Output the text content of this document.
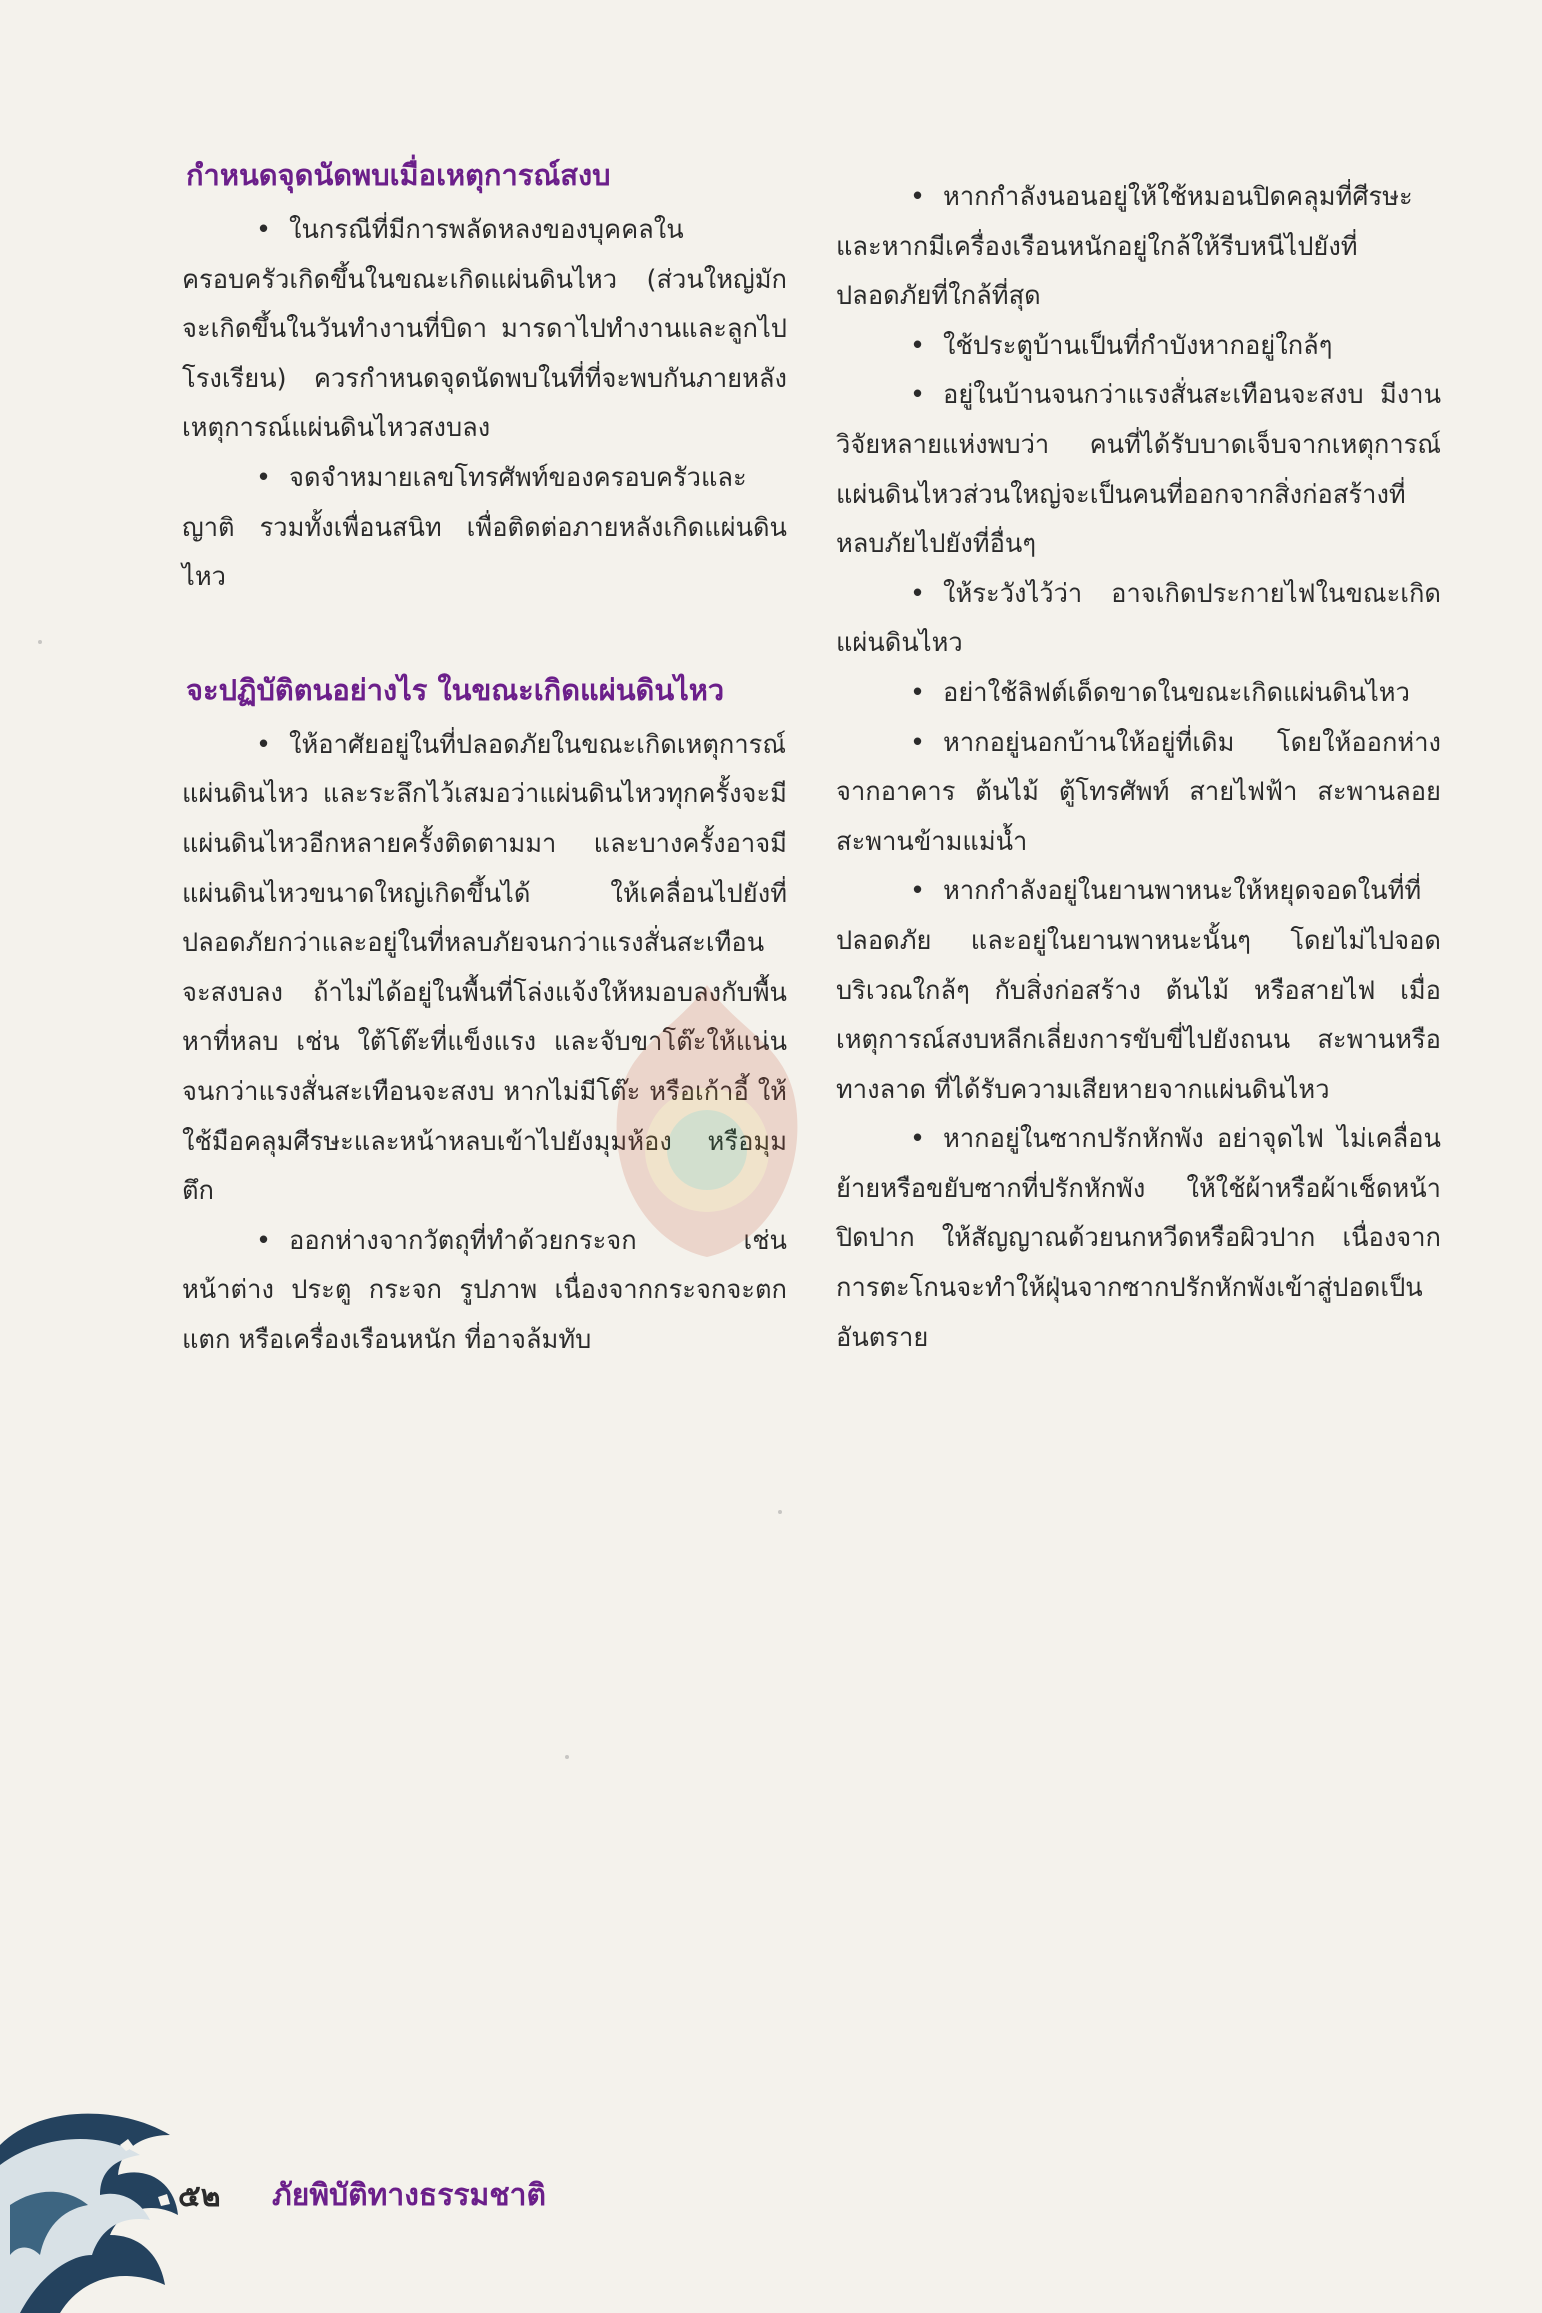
กำหนดจุดนัดพบเมื่อเหตุการณ์สงบ

• ในกรณีที่มีการพลัดหลงของบุคคลในครอบครัวเกิดขึ้นในขณะเกิดแผ่นดินไหว (ส่วนใหญ่มักจะเกิดขึ้นในวันทำงานที่บิดา มารดาไปทำงานและลูกไปโรงเรียน) ควรกำหนดจุดนัดพบในที่ที่จะพบกันภายหลังเหตุการณ์แผ่นดินไหวสงบลง

• จดจำหมายเลขโทรศัพท์ของครอบครัวและญาติ รวมทั้งเพื่อนสนิท เพื่อติดต่อภายหลังเกิดแผ่นดินไหว

จะปฏิบัติตนอย่างไร ในขณะเกิดแผ่นดินไหว

• ให้อาศัยอยู่ในที่ปลอดภัยในขณะเกิดเหตุการณ์แผ่นดินไหว และระลึกไว้เสมอว่าแผ่นดินไหวทุกครั้งจะมีแผ่นดินไหวอีกหลายครั้งติดตามมา และบางครั้งอาจมีแผ่นดินไหวขนาดใหญ่เกิดขึ้นได้ ให้เคลื่อนไปยังที่ปลอดภัยกว่าและอยู่ในที่หลบภัยจนกว่าแรงสั่นสะเทือนจะสงบลง ถ้าไม่ได้อยู่ในพื้นที่โล่งแจ้งให้หมอบลงกับพื้นหาที่หลบ เช่น ใต้โต๊ะที่แข็งแรง และจับขาโต๊ะให้แน่นจนกว่าแรงสั่นสะเทือนจะสงบ หากไม่มีโต๊ะ หรือเก้าอี้ ให้ใช้มือคลุมศีรษะและหน้าหลบเข้าไปยังมุมห้อง หรือมุมตึก

• ออกห่างจากวัตถุที่ทำด้วยกระจก เช่น หน้าต่าง ประตู กระจก รูปภาพ เนื่องจากกระจกจะตกแตก หรือเครื่องเรือนหนัก ที่อาจล้มทับ

• หากกำลังนอนอยู่ให้ใช้หมอนปิดคลุมที่ศีรษะ และหากมีเครื่องเรือนหนักอยู่ใกล้ให้รีบหนีไปยังที่ปลอดภัยที่ใกล้ที่สุด

• ใช้ประตูบ้านเป็นที่กำบังหากอยู่ใกล้ๆ

• อยู่ในบ้านจนกว่าแรงสั่นสะเทือนจะสงบ มีงานวิจัยหลายแห่งพบว่า คนที่ได้รับบาดเจ็บจากเหตุการณ์แผ่นดินไหวส่วนใหญ่จะเป็นคนที่ออกจากสิ่งก่อสร้างที่หลบภัยไปยังที่อื่นๆ

• ให้ระวังไว้ว่า อาจเกิดประกายไฟในขณะเกิดแผ่นดินไหว

• อย่าใช้ลิฟต์เด็ดขาดในขณะเกิดแผ่นดินไหว

• หากอยู่นอกบ้านให้อยู่ที่เดิม โดยให้ออกห่างจากอาคาร ต้นไม้ ตู้โทรศัพท์ สายไฟฟ้า สะพานลอย สะพานข้ามแม่น้ำ

• หากกำลังอยู่ในยานพาหนะให้หยุดจอดในที่ที่ปลอดภัย และอยู่ในยานพาหนะนั้นๆ โดยไม่ไปจอดบริเวณใกล้ๆ กับสิ่งก่อสร้าง ต้นไม้ หรือสายไฟ เมื่อเหตุการณ์สงบหลีกเลี่ยงการขับขี่ไปยังถนน สะพานหรือทางลาด ที่ได้รับความเสียหายจากแผ่นดินไหว

• หากอยู่ในซากปรักหักพัง อย่าจุดไฟ ไม่เคลื่อนย้ายหรือขยับซากที่ปรักหักพัง ให้ใช้ผ้าหรือผ้าเช็ดหน้าปิดปาก ให้สัญญาณด้วยนกหวีดหรือผิวปาก เนื่องจากการตะโกนจะทำให้ฝุ่นจากซากปรักหักพังเข้าสู่ปอดเป็นอันตราย

๕๒ ภัยพิบัติทางธรรมชาติ
